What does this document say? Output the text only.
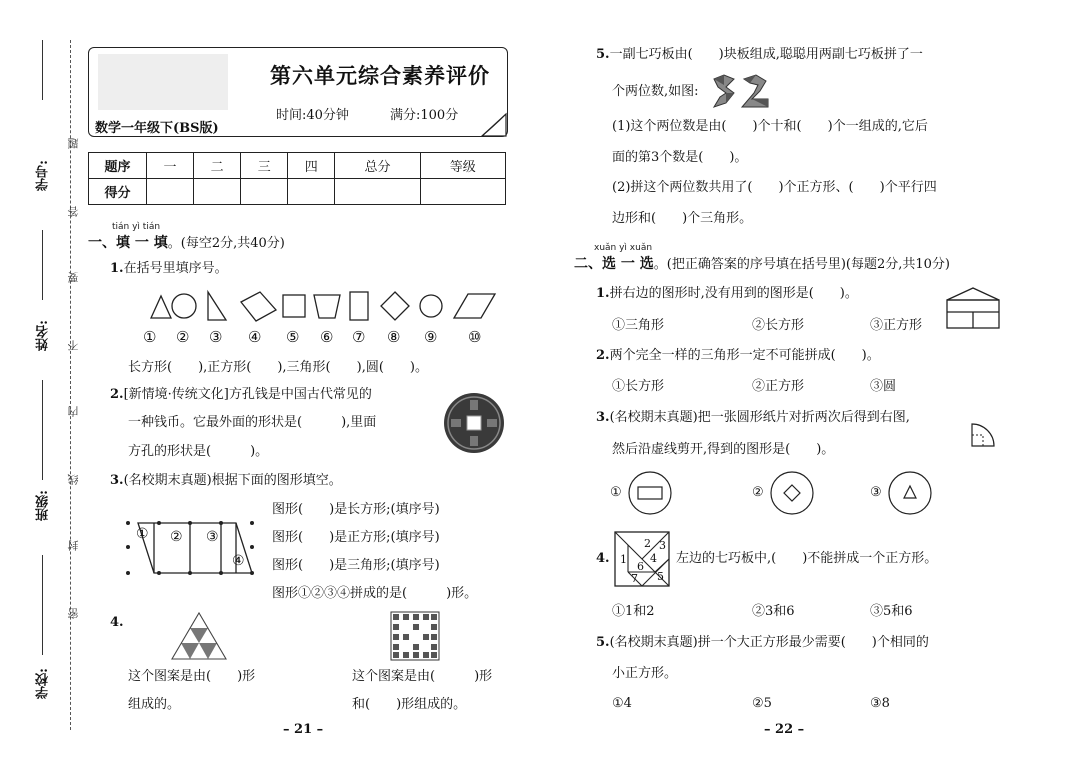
学号:
姓名:
班级:
学校:
题
答
要
不
内
线
封
密
第六单元综合素养评价
时间:40分钟	满分:100分
数学一年级下(BS版)
题序	一	二	三	四	总分	等级
得分						
tián yì tián
一、填 一 填。(每空2分,共40分)
1.在括号里填序号。
① ② ③ ④ ⑤ ⑥ ⑦ ⑧ ⑨ ⑩
长方形(　　),正方形(　　),三角形(　　),圆(　　)。
2.[新情境·传统文化]方孔钱是中国古代常见的
一种钱币。它最外面的形状是(　　　),里面
方孔的形状是(　　　)。
3.(名校期末真题)根据下面的图形填空。
① ② ③
④
图形(　　)是长方形;(填序号)
图形(　　)是正方形;(填序号)
图形(　　)是三角形;(填序号)
图形①②③④拼成的是(　　　)形。
4.
这个图案是由(　　)形
组成的。
这个图案是由(　　　)形
和(　　)形组成的。
– 21 –
5.一副七巧板由(　　)块板组成,聪聪用两副七巧板拼了一
个两位数,如图:
(1)这个两位数是由(　　)个十和(　　)个一组成的,它后
面的第3个数是(　　)。
(2)拼这个两位数共用了(　　)个正方形、(　　)个平行四
边形和(　　)个三角形。
xuǎn yì xuǎn
二、选 一 选。(把正确答案的序号填在括号里)(每题2分,共10分)
1.拼右边的图形时,没有用到的图形是(　　)。
①三角形	②长方形	③正方形
2.两个完全一样的三角形一定不可能拼成(　　)。
①长方形	②正方形	③圆
3.(名校期末真题)把一张圆形纸片对折两次后得到右图,
然后沿虚线剪开,得到的图形是(　　)。
①	②	③
4. 1
2 3
4
5
6
7
左边的七巧板中,(　　)不能拼成一个正方形。
①1和2	②3和6	③5和6
5.(名校期末真题)拼一个大正方形最少需要(　　)个相同的
小正方形。
①4	②5	③8
– 22 –
